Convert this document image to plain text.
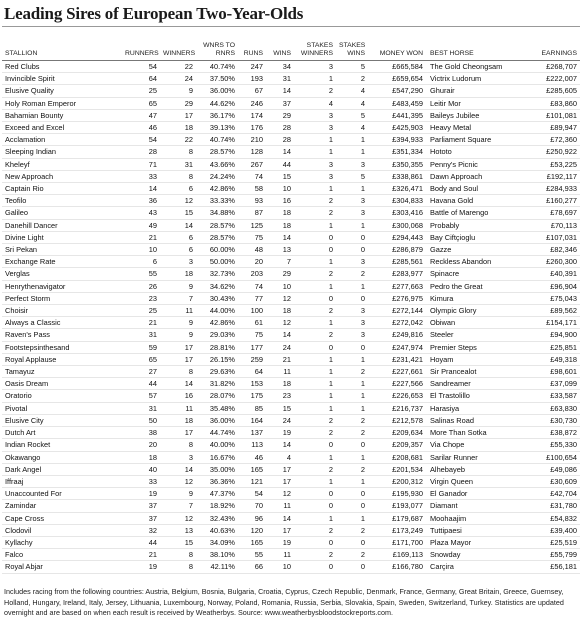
Leading Sires of European Two-Year-Olds
STALLION	RUNNERS	WINNERS	WNRS TO RNRS	RUNS	WINS	STAKES WINNERS	STAKES WINS	MONEY WON	BEST HORSE	EARNINGS
Red Clubs	54	22	40.74%	247	34	3	5	£665,584	The Gold Cheongsam	£268,707
Invincible Spirit	64	24	37.50%	193	31	1	2	£659,654	Victrix Ludorum	£222,007
Elusive Quality	25	9	36.00%	67	14	2	4	£547,290	Ghurair	£285,605
Holy Roman Emperor	65	29	44.62%	246	37	4	4	£483,459	Leitir Mor	£83,860
Bahamian Bounty	47	17	36.17%	174	29	3	5	£441,395	Baileys Jubilee	£101,081
Exceed and Excel	46	18	39.13%	176	28	3	4	£425,903	Heavy Metal	£89,947
Acclamation	54	22	40.74%	210	28	1	1	£394,933	Parliament Square	£72,360
Sleeping Indian	28	8	28.57%	128	14	1	1	£351,334	Hototo	£250,922
Kheleyf	71	31	43.66%	267	44	3	3	£350,355	Penny's Picnic	£53,225
New Approach	33	8	24.24%	74	15	3	5	£338,861	Dawn Approach	£192,117
Captain Rio	14	6	42.86%	58	10	1	1	£326,471	Body and Soul	£284,933
Teofilo	36	12	33.33%	93	16	2	3	£304,833	Havana Gold	£160,277
Galileo	43	15	34.88%	87	18	2	3	£303,416	Battle of Marengo	£78,697
Danehill Dancer	49	14	28.57%	125	18	1	1	£300,068	Probably	£70,113
Divine Light	21	6	28.57%	75	14	0	0	£294,443	Bay Ciftçioglu	£107,031
Sri Pekan	10	6	60.00%	48	13	0	0	£286,879	Gazze	£82,346
Exchange Rate	6	3	50.00%	20	7	1	3	£285,561	Reckless Abandon	£260,300
Verglas	55	18	32.73%	203	29	2	2	£283,977	Spinacre	£40,391
Henrythenavigator	26	9	34.62%	74	10	1	1	£277,663	Pedro the Great	£96,904
Perfect Storm	23	7	30.43%	77	12	0	0	£276,975	Kimura	£75,043
Choisir	25	11	44.00%	100	18	2	3	£272,144	Olympic Glory	£89,562
Always a Classic	21	9	42.86%	61	12	1	3	£272,042	Obiwan	£154,171
Raven's Pass	31	9	29.03%	75	14	2	3	£249,816	Steeler	£94,900
Footstepsinthesand	59	17	28.81%	177	24	0	0	£247,974	Premier Steps	£25,851
Royal Applause	65	17	26.15%	259	21	1	1	£231,421	Hoyam	£49,318
Tamayuz	27	8	29.63%	64	11	1	2	£227,661	Sir Prancealot	£98,601
Oasis Dream	44	14	31.82%	153	18	1	1	£227,566	Sandreamer	£37,099
Oratorio	57	16	28.07%	175	23	1	1	£226,653	El Trastolillo	£33,587
Pivotal	31	11	35.48%	85	15	1	1	£216,737	Harasiya	£63,830
Elusive City	50	18	36.00%	164	24	2	2	£212,578	Salinas Road	£30,730
Dutch Art	38	17	44.74%	137	19	2	2	£209,634	More Than Sotka	£38,872
Indian Rocket	20	8	40.00%	113	14	0	0	£209,357	Via Chope	£55,330
Okawango	18	3	16.67%	46	4	1	1	£208,681	Sarilar Runner	£100,654
Dark Angel	40	14	35.00%	165	17	2	2	£201,534	Alhebayeb	£49,086
Iffraaj	33	12	36.36%	121	17	1	1	£200,312	Virgin Queen	£30,609
Unaccounted For	19	9	47.37%	54	12	0	0	£195,930	El Ganador	£42,704
Zamindar	37	7	18.92%	70	11	0	0	£193,077	Diamant	£31,780
Cape Cross	37	12	32.43%	96	14	1	1	£179,687	Moohaajim	£54,832
Clodovil	32	13	40.63%	120	17	2	2	£173,249	Tuttipaesi	£39,400
Kyllachy	44	15	34.09%	165	19	0	0	£171,700	Plaza Mayor	£25,519
Falco	21	8	38.10%	55	11	2	2	£169,113	Snowday	£55,799
Royal Abjar	19	8	42.11%	66	10	0	0	£166,780	Carçira	£56,181
Includes racing from the following countries: Austria, Belgium, Bosnia, Bulgaria, Croatia, Cyprus, Czech Republic, Denmark, France, Germany, Great Britain, Greece, Guernsey, Holland, Hungary, Ireland, Italy, Jersey, Lithuania, Luxembourg, Norway, Poland, Romania, Russia, Serbia, Slovakia, Spain, Sweden, Switzerland, Turkey. Statistics are updated overnight and are based on when each result is received by Weatherbys. Source: www.weatherbysbloodstockreports.com.
